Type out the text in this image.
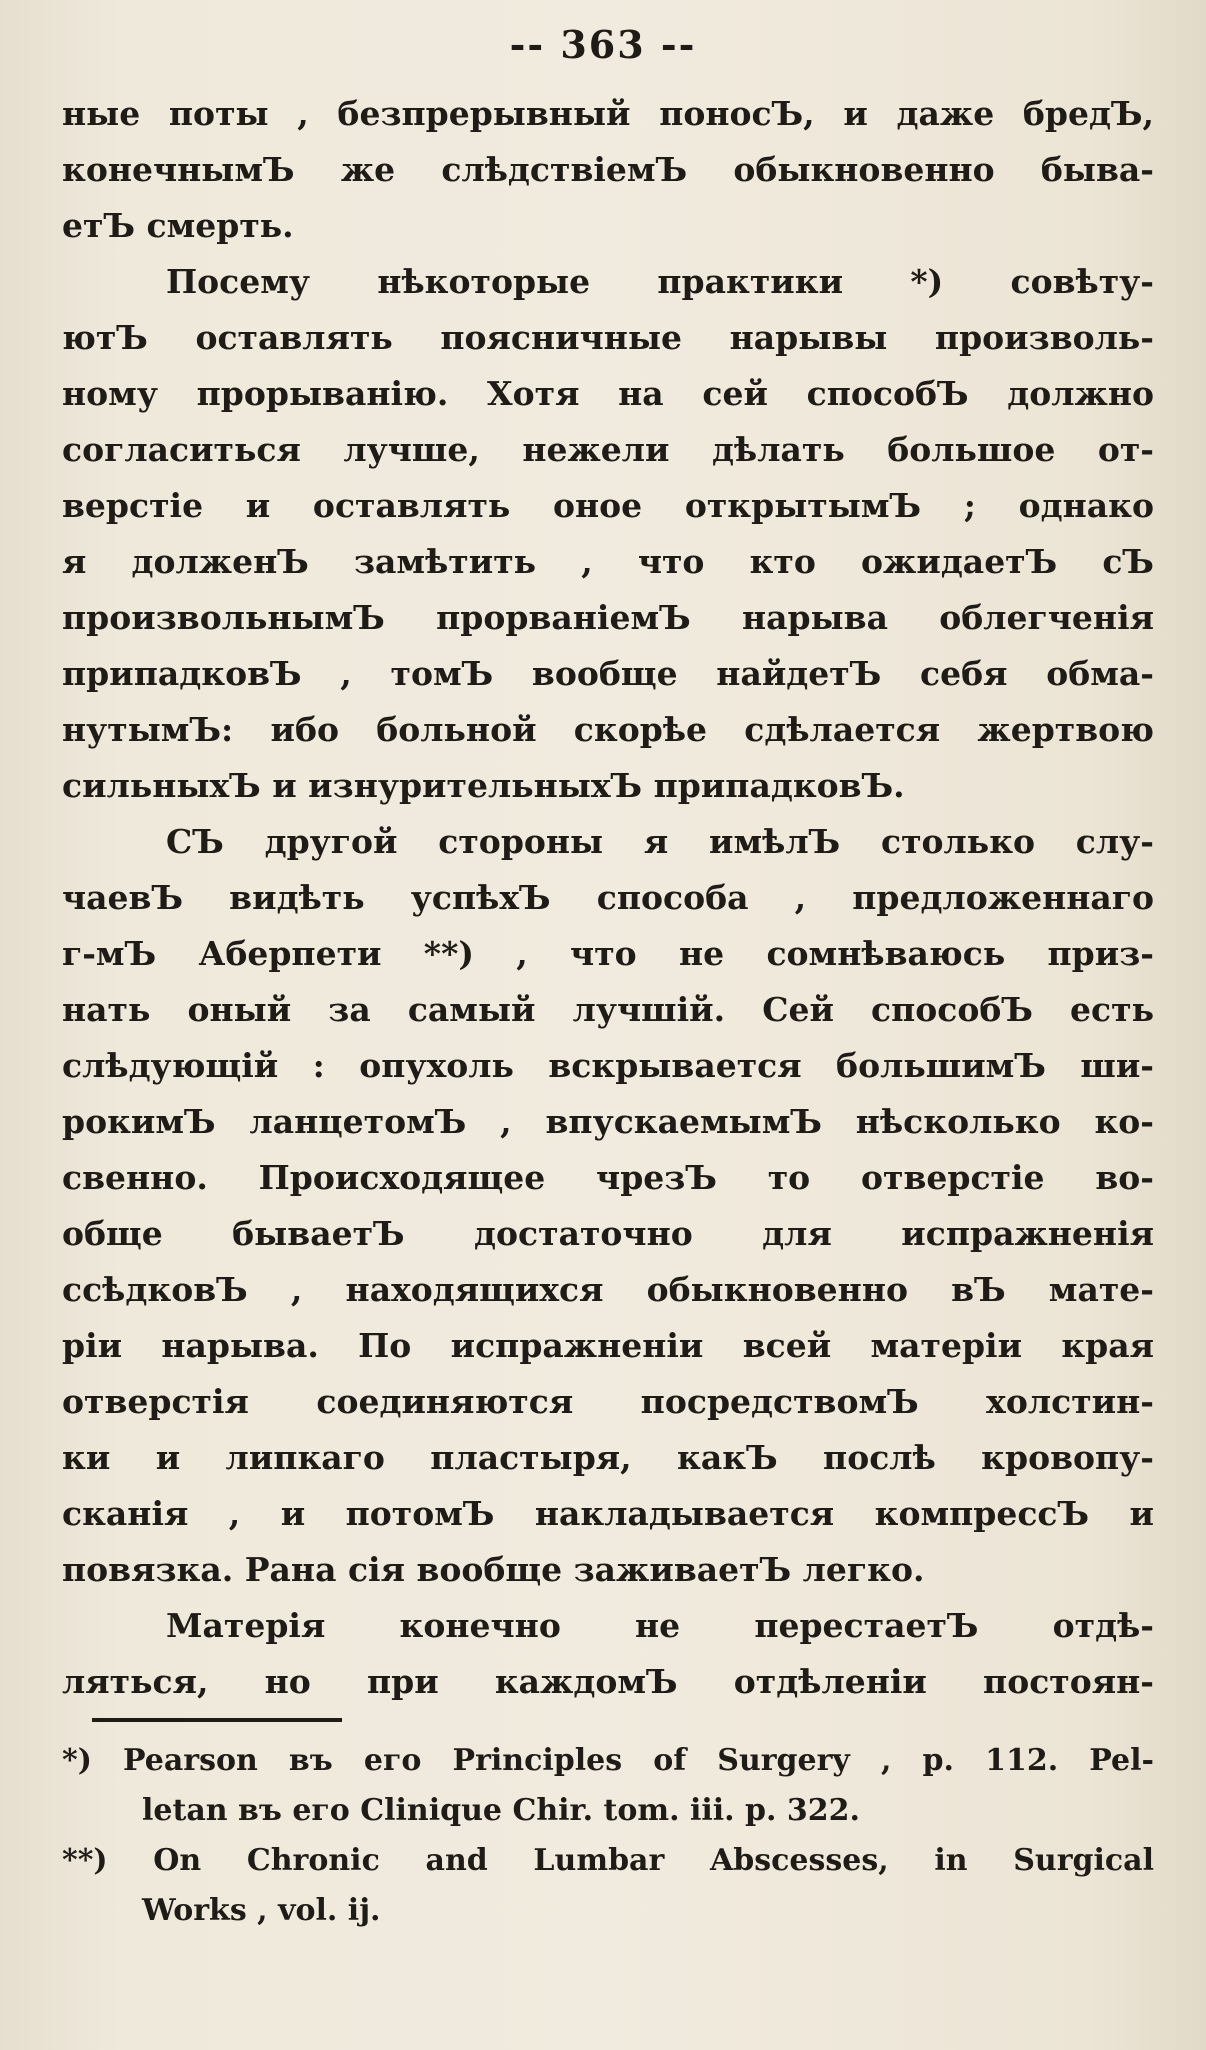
-- 363 --
ные поты , безпрерывный поносЪ, и даже бредЪ,
конечнымЪ же слѣдствіемЪ обыкновенно быва-
етЪ смерть.
Посему нѣкоторые практики *) совѣту-
ютЪ оставлять поясничные нарывы произволь-
ному прорыванію. Хотя на сей способЪ должно
согласиться лучше, нежели дѣлать большое от-
верстіе и оставлять оное открытымЪ ; однако
я долженЪ замѣтить , что кто ожидаетЪ сЪ
произвольнымЪ прорваніемЪ нарыва облегченія
припадковЪ , томЪ вообще найдетЪ себя обма-
нутымЪ: ибо больной скорѣе сдѣлается жертвою
сильныхЪ и изнурительныхЪ припадковЪ.
СЪ другой стороны я имѣлЪ столько слу-
чаевЪ видѣть успѣхЪ способа , предложеннаго
г-мЪ Аберпети **) , что не сомнѣваюсь приз-
нать оный за самый лучшій. Сей способЪ есть
слѣдующій : опухоль вскрывается большимЪ ши-
рокимЪ ланцетомЪ , впускаемымЪ нѣсколько ко-
свенно. Происходящее чрезЪ то отверстіе во-
обще бываетЪ достаточно для испражненія
ссѣдковЪ , находящихся обыкновенно вЪ мате-
ріи нарыва. По испражненіи всей матеріи края
отверстія соединяются посредствомЪ холстин-
ки и липкаго пластыря, какЪ послѣ кровопу-
сканія , и потомЪ накладывается компрессЪ и
повязка. Рана сія вообще заживаетЪ легко.
Матерія конечно не перестаетЪ отдѣ-
ляться, но при каждомЪ отдѣленіи постоян-
*) Pearson въ его Principles of Surgery , p. 112. Pel-
letan въ его Clinique Chir. tom. iii. p. 322.
**) On Chronic and Lumbar Abscesses, in Surgical
Works , vol. ij.
